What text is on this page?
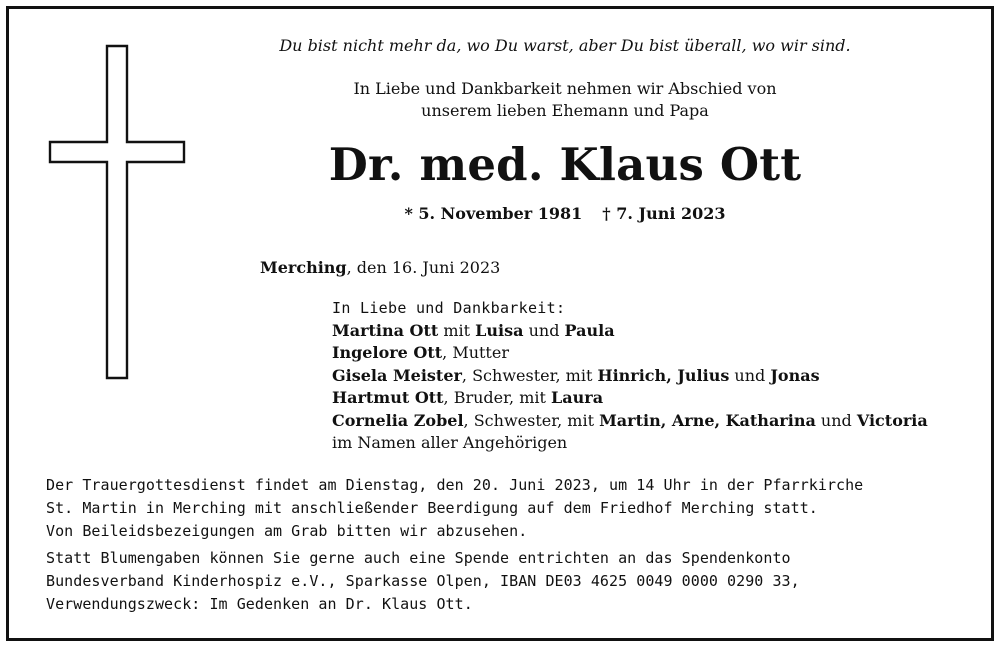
Du bist nicht mehr da, wo Du warst, aber Du bist überall, wo wir sind.
In Liebe und Dankbarkeit nehmen wir Abschied von
unserem lieben Ehemann und Papa
Dr. med. Klaus Ott
* 5. November 1981 † 7. Juni 2023
Merching, den 16. Juni 2023
In Liebe und Dankbarkeit:
Martina Ott mit Luisa und Paula
Ingelore Ott, Mutter
Gisela Meister, Schwester, mit Hinrich, Julius und Jonas
Hartmut Ott, Bruder, mit Laura
Cornelia Zobel, Schwester, mit Martin, Arne, Katharina und Victoria
im Namen aller Angehörigen
Der Trauergottesdienst findet am Dienstag, den 20. Juni 2023, um 14 Uhr in der Pfarrkirche
St. Martin in Merching mit anschließender Beerdigung auf dem Friedhof Merching statt.
Von Beileidsbezeigungen am Grab bitten wir abzusehen.
Statt Blumengaben können Sie gerne auch eine Spende entrichten an das Spendenkonto
Bundesverband Kinderhospiz e.V., Sparkasse Olpen, IBAN DE03 4625 0049 0000 0290 33,
Verwendungszweck: Im Gedenken an Dr. Klaus Ott.
